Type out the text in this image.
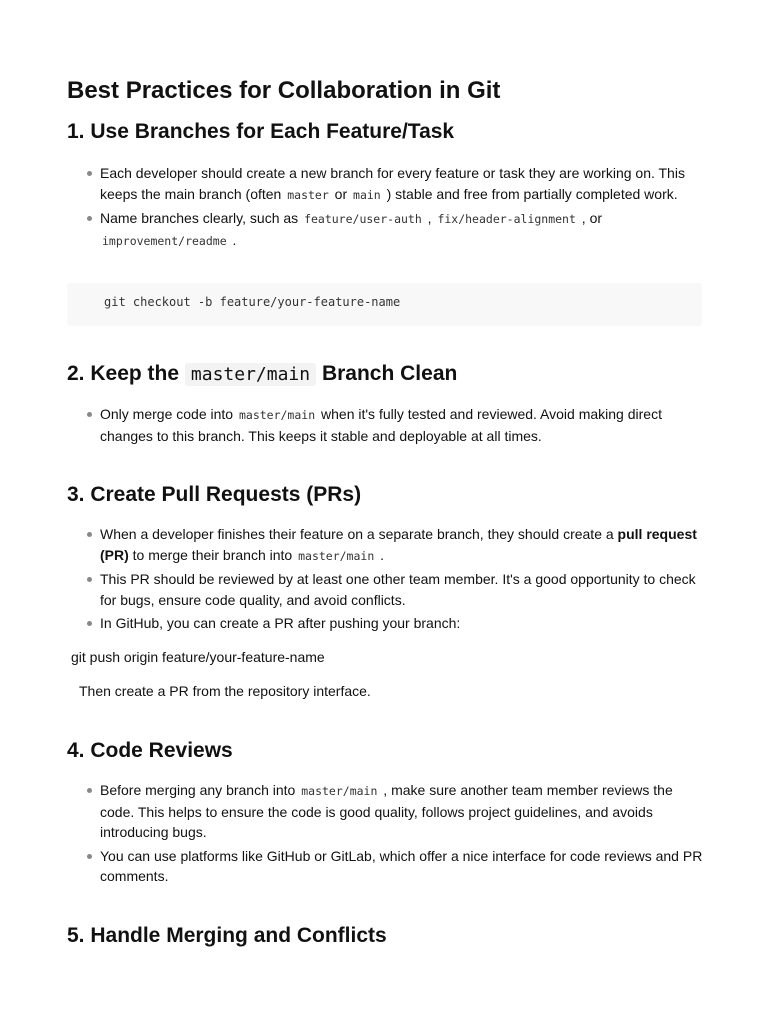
Best Practices for Collaboration in Git
1. Use Branches for Each Feature/Task
Each developer should create a new branch for every feature or task they are working on. This keeps the main branch (often master or main ) stable and free from partially completed work.
Name branches clearly, such as feature/user-auth , fix/header-alignment , or improvement/readme .
git checkout -b feature/your-feature-name
2. Keep the master/main Branch Clean
Only merge code into master/main when it's fully tested and reviewed. Avoid making direct changes to this branch. This keeps it stable and deployable at all times.
3. Create Pull Requests (PRs)
When a developer finishes their feature on a separate branch, they should create a pull request (PR) to merge their branch into master/main .
This PR should be reviewed by at least one other team member. It's a good opportunity to check for bugs, ensure code quality, and avoid conflicts.
In GitHub, you can create a PR after pushing your branch:

git push origin feature/your-feature-name

Then create a PR from the repository interface.

4. Code Reviews
Before merging any branch into master/main , make sure another team member reviews the code. This helps to ensure the code is good quality, follows project guidelines, and avoids introducing bugs.
You can use platforms like GitHub or GitLab, which offer a nice interface for code reviews and PR comments.
5. Handle Merging and Conflicts
